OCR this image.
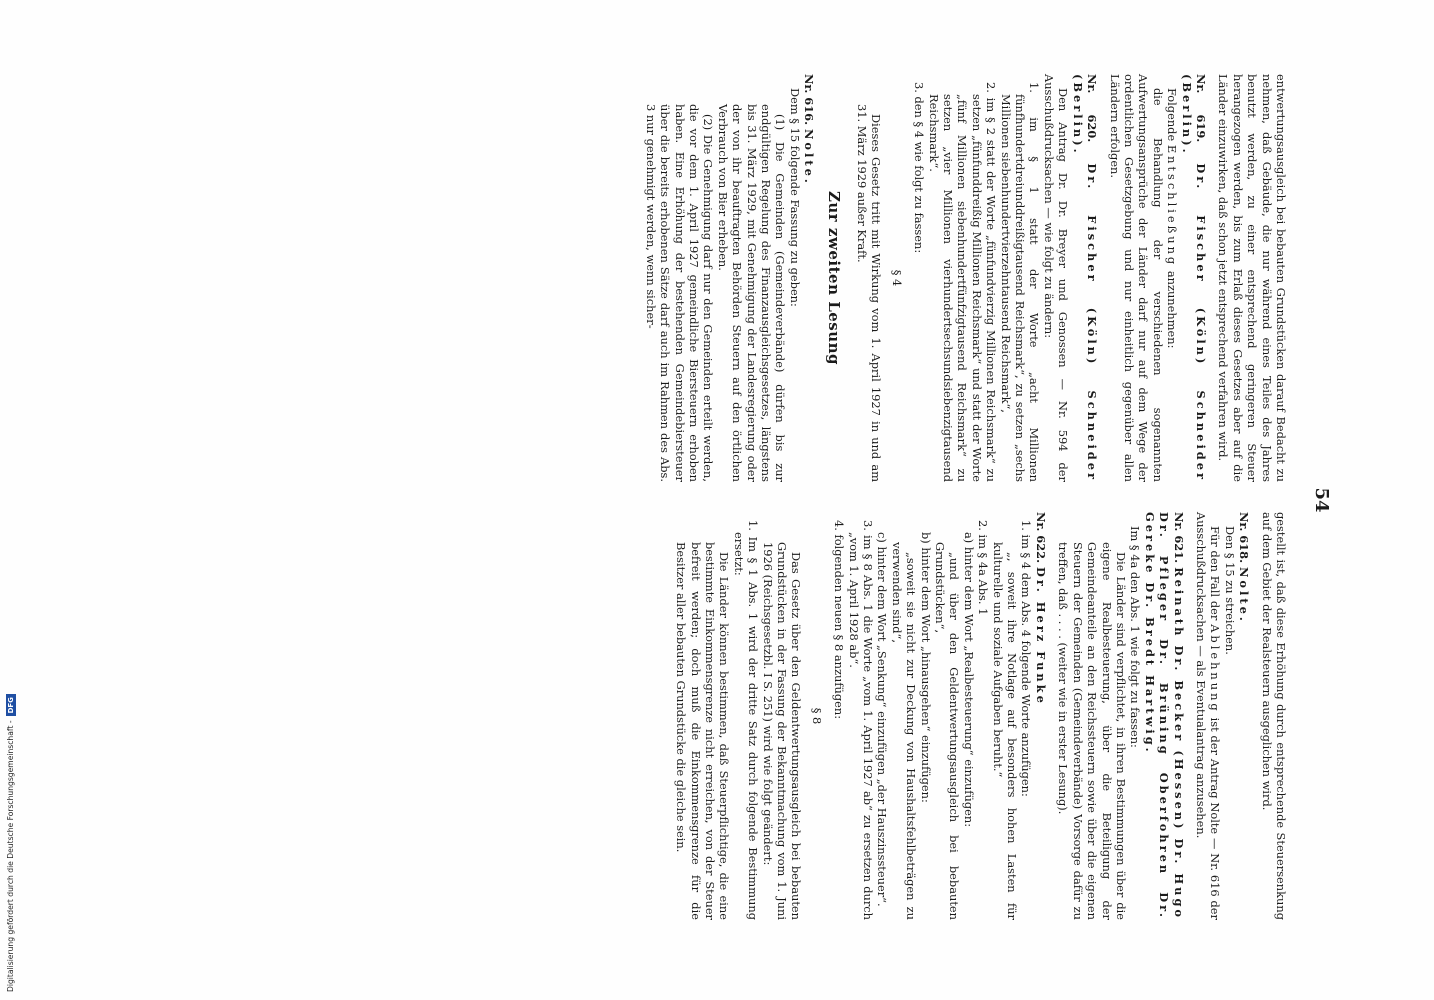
54

entwertungsausgleich bei bebauten Grundstücken darauf Bedacht zu nehmen, daß Gebäude, die nur während eines Teiles des Jahres benutzt werden, zu einer entsprechend geringeren Steuer herangezogen werden, bis zum Erlaß dieses Gesetzes aber auf die Länder einzuwirken, daß schon jetzt entsprechend verfahren wird.

Nr. 619. Dr. Fischer (Köln) Schneider (Berlin).

Folgende Entschließung anzunehmen:

die Behandlung der verschiedenen sogenannten Aufwertungsansprüche der Länder darf nur auf dem Wege der ordentlichen Gesetzgebung und nur einheitlich gegenüber allen Ländern erfolgen.

Nr. 620. Dr. Fischer (Köln) Schneider (Berlin).

Den Antrag Dr. Dr. Breyer und Genossen — Nr. 594 der Ausschußdrucksachen — wie folgt zu ändern:

1. im § 1 statt der Worte „acht Millionen fünfhundertdreiunddreißigtausend Reichsmark“, zu setzen „sechs Millionen siebenhundertvierzehntausend Reichsmark“,

2. im § 2 statt der Worte „fünfundvierzig Millionen Reichsmark“ zu setzen „fünfunddreißig Millionen Reichsmark“ und statt der Worte „fünf Millionen siebenhundertfünfzigtausend Reichsmark“ zu setzen „vier Millionen vierhundertsechsundsiebenzigtausend Reichsmark“.

3. den § 4 wie folgt zu fassen:

§ 4

Dieses Gesetz tritt mit Wirkung vom 1. April 1927 in und am 31. März 1929 außer Kraft.

Zur zweiten Lesung

Nr. 616. Nolte.

Dem § 15 folgende Fassung zu geben:

(1) Die Gemeinden (Gemeindeverbände) dürfen bis zur endgültigen Regelung des Finanzausgleichsgesetzes, längstens bis 31. März 1929, mit Genehmigung der Landesregierung oder der von ihr beauftragten Behörden Steuern auf den örtlichen Verbrauch von Bier erheben.

(2) Die Genehmigung darf nur den Gemeinden erteilt werden, die vor dem 1. April 1927 gemeindliche Biersteuern erhoben haben. Eine Erhöhung der bestehenden Gemeindebiersteuer über die bereits erhobenen Sätze darf auch im Rahmen des Abs. 3 nur genehmigt werden, wenn sicher-

gestellt ist, daß diese Erhöhung durch entsprechende Steuersenkung auf dem Gebiet der Realsteuern ausgeglichen wird.

Nr. 618. Nolte.

Den § 15 zu streichen.

Für den Fall der Ablehnung ist der Antrag Nolte — Nr. 616 der Ausschußdrucksachen — als Eventualantrag anzusehen.

Nr. 621. Reinath Dr. Becker (Hessen) Dr. Hugo Dr. Pfleger Dr. Brüning Oberfohren Dr. Gereke Dr. Bredt Hartwig.

Im § 4a den Abs. 1 wie folgt zu fassen:

Die Länder sind verpflichtet, in ihren Bestimmungen über die eigene Realbesteuerung, über die Beteiligung der Gemeindeanteile an den Reichssteuern sowie über die eigenen Steuern der Gemeinden (Gemeindeverbände) Vorsorge dafür zu treffen, daß . . . . (weiter wie in erster Lesung).

Nr. 622. Dr. Herz Funke

1. im § 4 dem Abs. 4 folgende Worte anzufügen:

„, soweit ihre Notlage auf besonders hohen Lasten für kulturelle und soziale Aufgaben beruht.“

2. im § 4a Abs. 1

a) hinter dem Wort „Realbesteuerung“ einzufügen:

„und über den Geldentwertungsausgleich bei bebauten Grundstücken“,

b) hinter dem Wort „hinausgehen“ einzufügen:

„soweit sie nicht zur Deckung von Haushaltsfehlbeträgen zu verwenden sind“,

c) hinter dem Wort „Senkung“ einzufügen „der Hauszinssteuer“.

3. im § 8 Abs. 1 die Worte „vom 1. April 1927 ab“ zu ersetzen durch „vom 1. April 1928 ab“.

4. folgenden neuen § 8 anzufügen:

§ 8

Das Gesetz über den Geldentwertungsausgleich bei bebauten Grundstücken in der Fassung der Bekanntmachung vom 1. Juni 1926 (Reichsgesetzbl. I S. 251) wird wie folgt geändert:

1. Im § 1 Abs. 1 wird der dritte Satz durch folgende Bestimmung ersetzt:

Die Länder können bestimmen, daß Steuerpflichtige, die eine bestimmte Einkommensgrenze nicht erreichen, von der Steuer befreit werden; doch muß die Einkommensgrenze für die Besitzer aller bebauten Grundstücke die gleiche sein.

Digitalisierung gefördert durch die Deutsche Forschungsgemeinschaft -DFG
